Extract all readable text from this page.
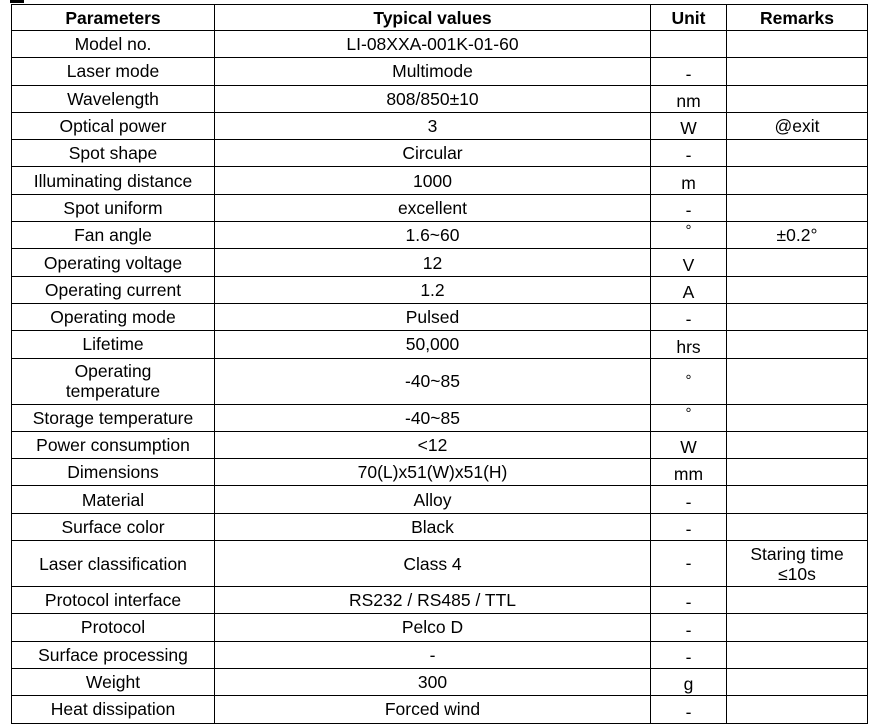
Parameters	Typical values	Unit	Remarks
Model no.	LI-08XXA-001K-01-60		
Laser mode	Multimode	-	
Wavelength	808/850±10	nm	
Optical power	3	W	@exit
Spot shape	Circular	-	
Illuminating distance	1000	m	
Spot uniform	excellent	-	
Fan angle	1.6~60	°	±0.2°
Operating voltage	12	V	
Operating current	1.2	A	
Operating mode	Pulsed	-	
Lifetime	50,000	hrs	
Operating
temperature	-40~85	°	
Storage temperature	-40~85	°	
Power consumption	<12	W	
Dimensions	70(L)x51(W)x51(H)	mm	
Material	Alloy	-	
Surface color	Black	-	
Laser classification	Class 4	-	Staring time
≤10s
Protocol interface	RS232 / RS485 / TTL	-	
Protocol	Pelco D	-	
Surface processing	-	-	
Weight	300	g	
Heat dissipation	Forced wind	-	
